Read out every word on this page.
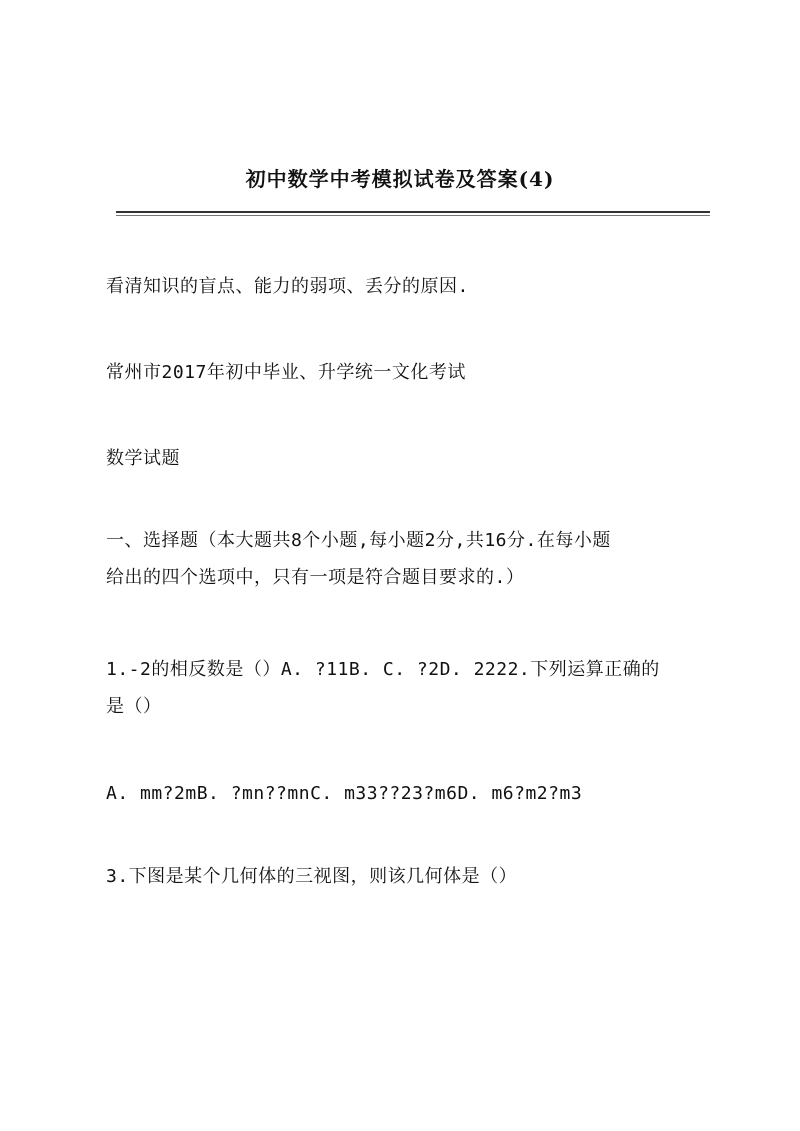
初中数学中考模拟试卷及答案(4)
看清知识的盲点、能力的弱项、丢分的原因.
常州市2017年初中毕业、升学统一文化考试
数学试题
一、选择题（本大题共8个小题,每小题2分,共16分.在每小题
给出的四个选项中，只有一项是符合题目要求的.）
1.-2的相反数是（）A. ?11B. C. ?2D. 2222.下列运算正确的
是（）
A. mm?2mB. ?mn??mnC. m33??23?m6D. m6?m2?m3
3.下图是某个几何体的三视图，则该几何体是（）
